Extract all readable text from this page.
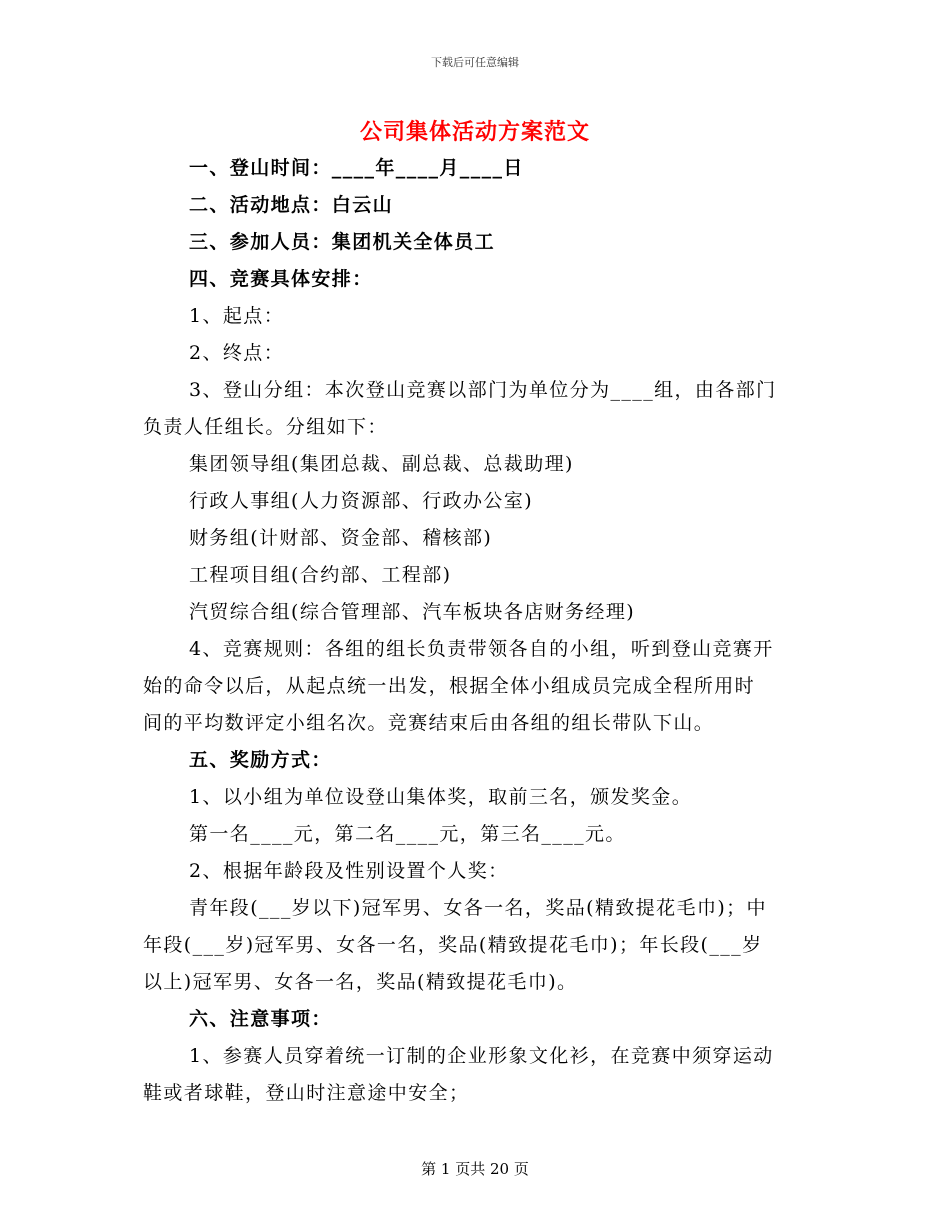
下载后可任意编辑
公司集体活动方案范文
一、登山时间：____年____月____日
二、活动地点：白云山
三、参加人员：集团机关全体员工
四、竞赛具体安排：
1、起点：
2、终点：
3、登山分组：本次登山竞赛以部门为单位分为____组，由各部门
负责人任组长。分组如下：
集团领导组(集团总裁、副总裁、总裁助理)
行政人事组(人力资源部、行政办公室)
财务组(计财部、资金部、稽核部)
工程项目组(合约部、工程部)
汽贸综合组(综合管理部、汽车板块各店财务经理)
4、竞赛规则：各组的组长负责带领各自的小组，听到登山竞赛开
始的命令以后，从起点统一出发，根据全体小组成员完成全程所用时
间的平均数评定小组名次。竞赛结束后由各组的组长带队下山。
五、奖励方式：
1、以小组为单位设登山集体奖，取前三名，颁发奖金。
第一名____元，第二名____元，第三名____元。
2、根据年龄段及性别设置个人奖：
青年段(___岁以下)冠军男、女各一名，奖品(精致提花毛巾)；中
年段(___岁)冠军男、女各一名，奖品(精致提花毛巾)；年长段(___岁
以上)冠军男、女各一名，奖品(精致提花毛巾)。
六、注意事项：
1、参赛人员穿着统一订制的企业形象文化衫，在竞赛中须穿运动
鞋或者球鞋，登山时注意途中安全；
第 1 页共 20 页
